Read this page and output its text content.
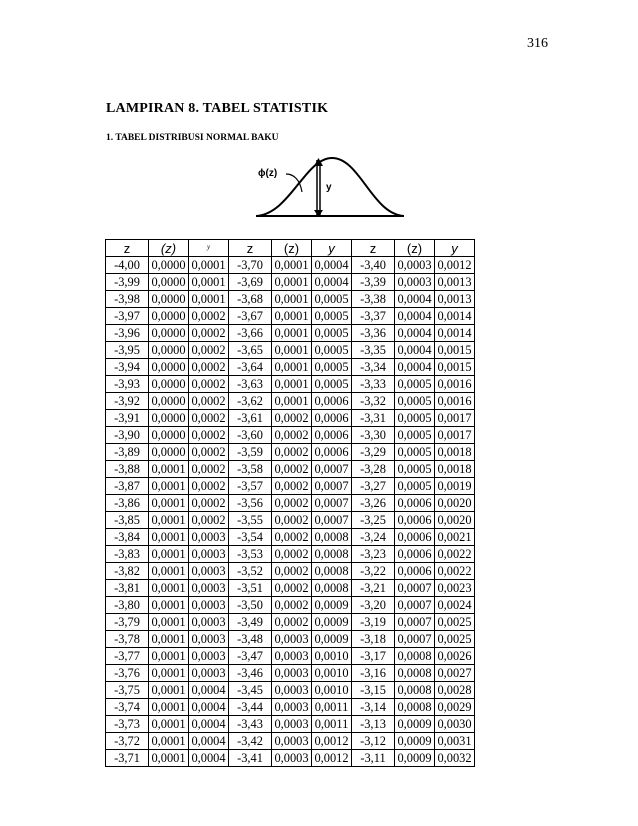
316
LAMPIRAN 8. TABEL STATISTIK
1. TABEL DISTRIBUSI NORMAL BAKU
ϕ(z)
y
z	(z)	y	z	(z)	y	z	(z)	y
-4,00	0,0000	0,0001	-3,70	0,0001	0,0004	-3,40	0,0003	0,0012
-3,99	0,0000	0,0001	-3,69	0,0001	0,0004	-3,39	0,0003	0,0013
-3,98	0,0000	0,0001	-3,68	0,0001	0,0005	-3,38	0,0004	0,0013
-3,97	0,0000	0,0002	-3,67	0,0001	0,0005	-3,37	0,0004	0,0014
-3,96	0,0000	0,0002	-3,66	0,0001	0,0005	-3,36	0,0004	0,0014
-3,95	0,0000	0,0002	-3,65	0,0001	0,0005	-3,35	0,0004	0,0015
-3,94	0,0000	0,0002	-3,64	0,0001	0,0005	-3,34	0,0004	0,0015
-3,93	0,0000	0,0002	-3,63	0,0001	0,0005	-3,33	0,0005	0,0016
-3,92	0,0000	0,0002	-3,62	0,0001	0,0006	-3,32	0,0005	0,0016
-3,91	0,0000	0,0002	-3,61	0,0002	0,0006	-3,31	0,0005	0,0017
-3,90	0,0000	0,0002	-3,60	0,0002	0,0006	-3,30	0,0005	0,0017
-3,89	0,0000	0,0002	-3,59	0,0002	0,0006	-3,29	0,0005	0,0018
-3,88	0,0001	0,0002	-3,58	0,0002	0,0007	-3,28	0,0005	0,0018
-3,87	0,0001	0,0002	-3,57	0,0002	0,0007	-3,27	0,0005	0,0019
-3,86	0,0001	0,0002	-3,56	0,0002	0,0007	-3,26	0,0006	0,0020
-3,85	0,0001	0,0002	-3,55	0,0002	0,0007	-3,25	0,0006	0,0020
-3,84	0,0001	0,0003	-3,54	0,0002	0,0008	-3,24	0,0006	0,0021
-3,83	0,0001	0,0003	-3,53	0,0002	0,0008	-3,23	0,0006	0,0022
-3,82	0,0001	0,0003	-3,52	0,0002	0,0008	-3,22	0,0006	0,0022
-3,81	0,0001	0,0003	-3,51	0,0002	0,0008	-3,21	0,0007	0,0023
-3,80	0,0001	0,0003	-3,50	0,0002	0,0009	-3,20	0,0007	0,0024
-3,79	0,0001	0,0003	-3,49	0,0002	0,0009	-3,19	0,0007	0,0025
-3,78	0,0001	0,0003	-3,48	0,0003	0,0009	-3,18	0,0007	0,0025
-3,77	0,0001	0,0003	-3,47	0,0003	0,0010	-3,17	0,0008	0,0026
-3,76	0,0001	0,0003	-3,46	0,0003	0,0010	-3,16	0,0008	0,0027
-3,75	0,0001	0,0004	-3,45	0,0003	0,0010	-3,15	0,0008	0,0028
-3,74	0,0001	0,0004	-3,44	0,0003	0,0011	-3,14	0,0008	0,0029
-3,73	0,0001	0,0004	-3,43	0,0003	0,0011	-3,13	0,0009	0,0030
-3,72	0,0001	0,0004	-3,42	0,0003	0,0012	-3,12	0,0009	0,0031
-3,71	0,0001	0,0004	-3,41	0,0003	0,0012	-3,11	0,0009	0,0032
